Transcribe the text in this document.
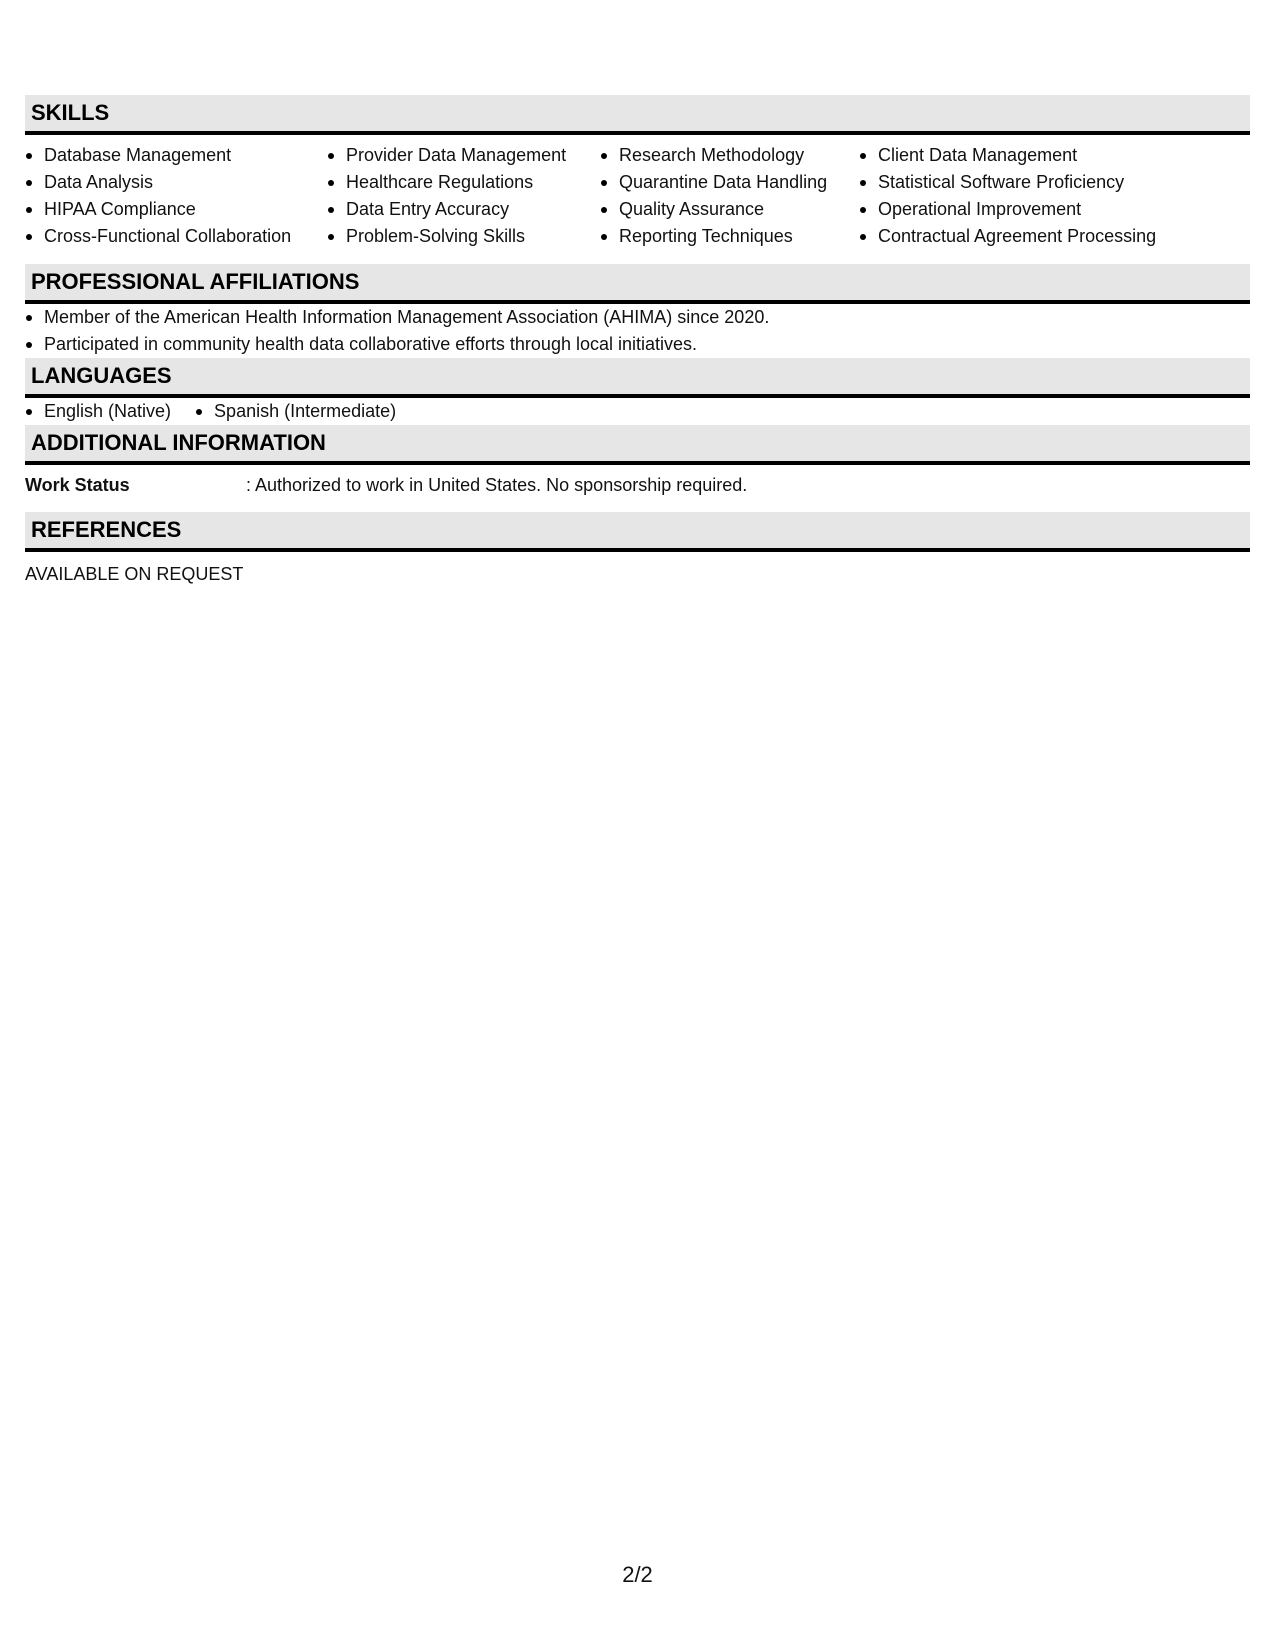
SKILLS
Database Management
Data Analysis
HIPAA Compliance
Cross-Functional Collaboration
Provider Data Management
Healthcare Regulations
Data Entry Accuracy
Problem-Solving Skills
Research Methodology
Quarantine Data Handling
Quality Assurance
Reporting Techniques
Client Data Management
Statistical Software Proficiency
Operational Improvement
Contractual Agreement Processing
PROFESSIONAL AFFILIATIONS
Member of the American Health Information Management Association (AHIMA) since 2020.
Participated in community health data collaborative efforts through local initiatives.
LANGUAGES
English (Native)	Spanish (Intermediate)
ADDITIONAL INFORMATION
Work Status	: Authorized to work in United States. No sponsorship required.
REFERENCES
AVAILABLE ON REQUEST
2/2
